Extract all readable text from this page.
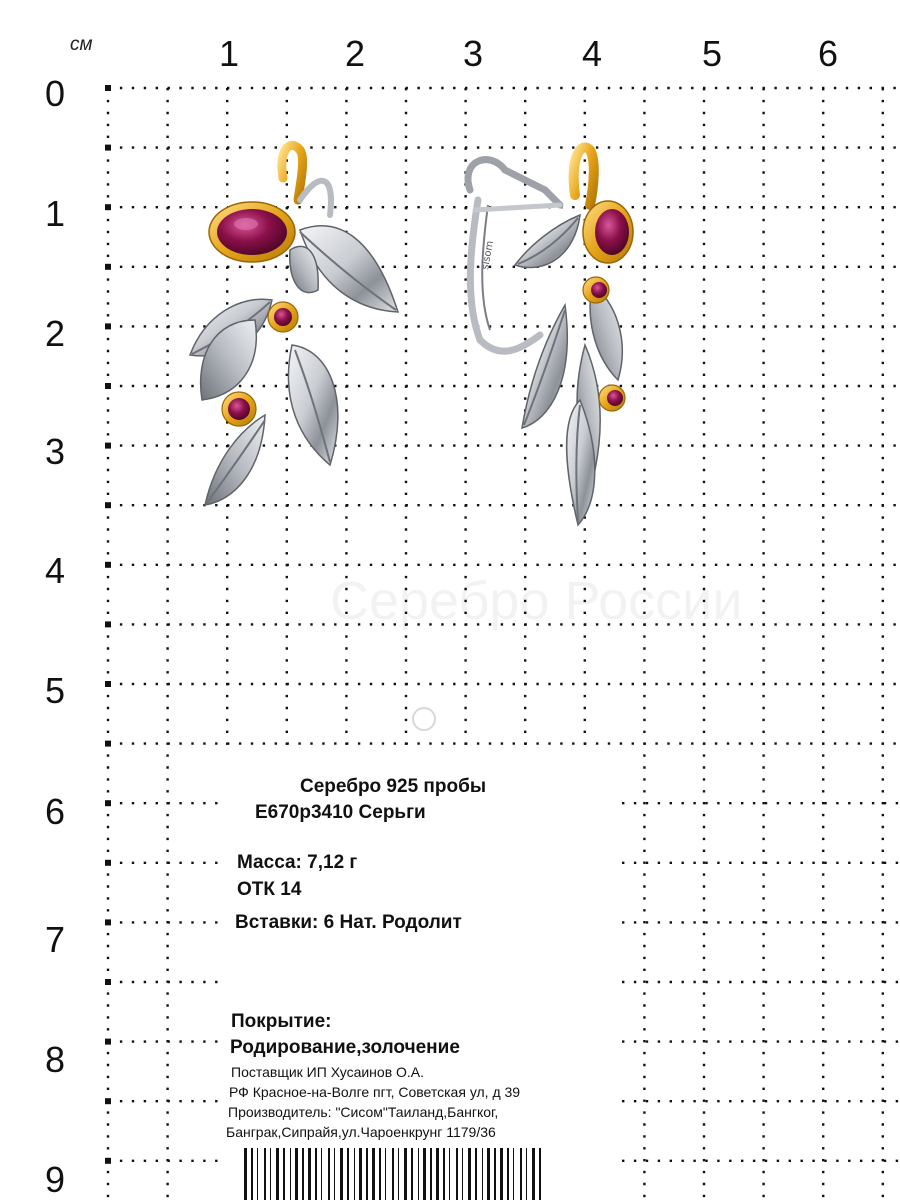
см	1	2	3	4	5	6
0
1
2
3
4
5
6
7
8
9
Серебро России
sisom
Серебро 925 пробы
E670р3410 Серьги
Масса: 7,12 г
ОТК 14
Вставки: 6 Нат. Родолит
Покрытие:
Родирование,золочение
Поставщик ИП Хусаинов О.А.
РФ Красное-на-Волге пгт, Советская ул, д 39
Производитель: "Сисом"Таиланд,Бангког,
Банграк,Сипрайя,ул.Чароенкрунг 1179/36
